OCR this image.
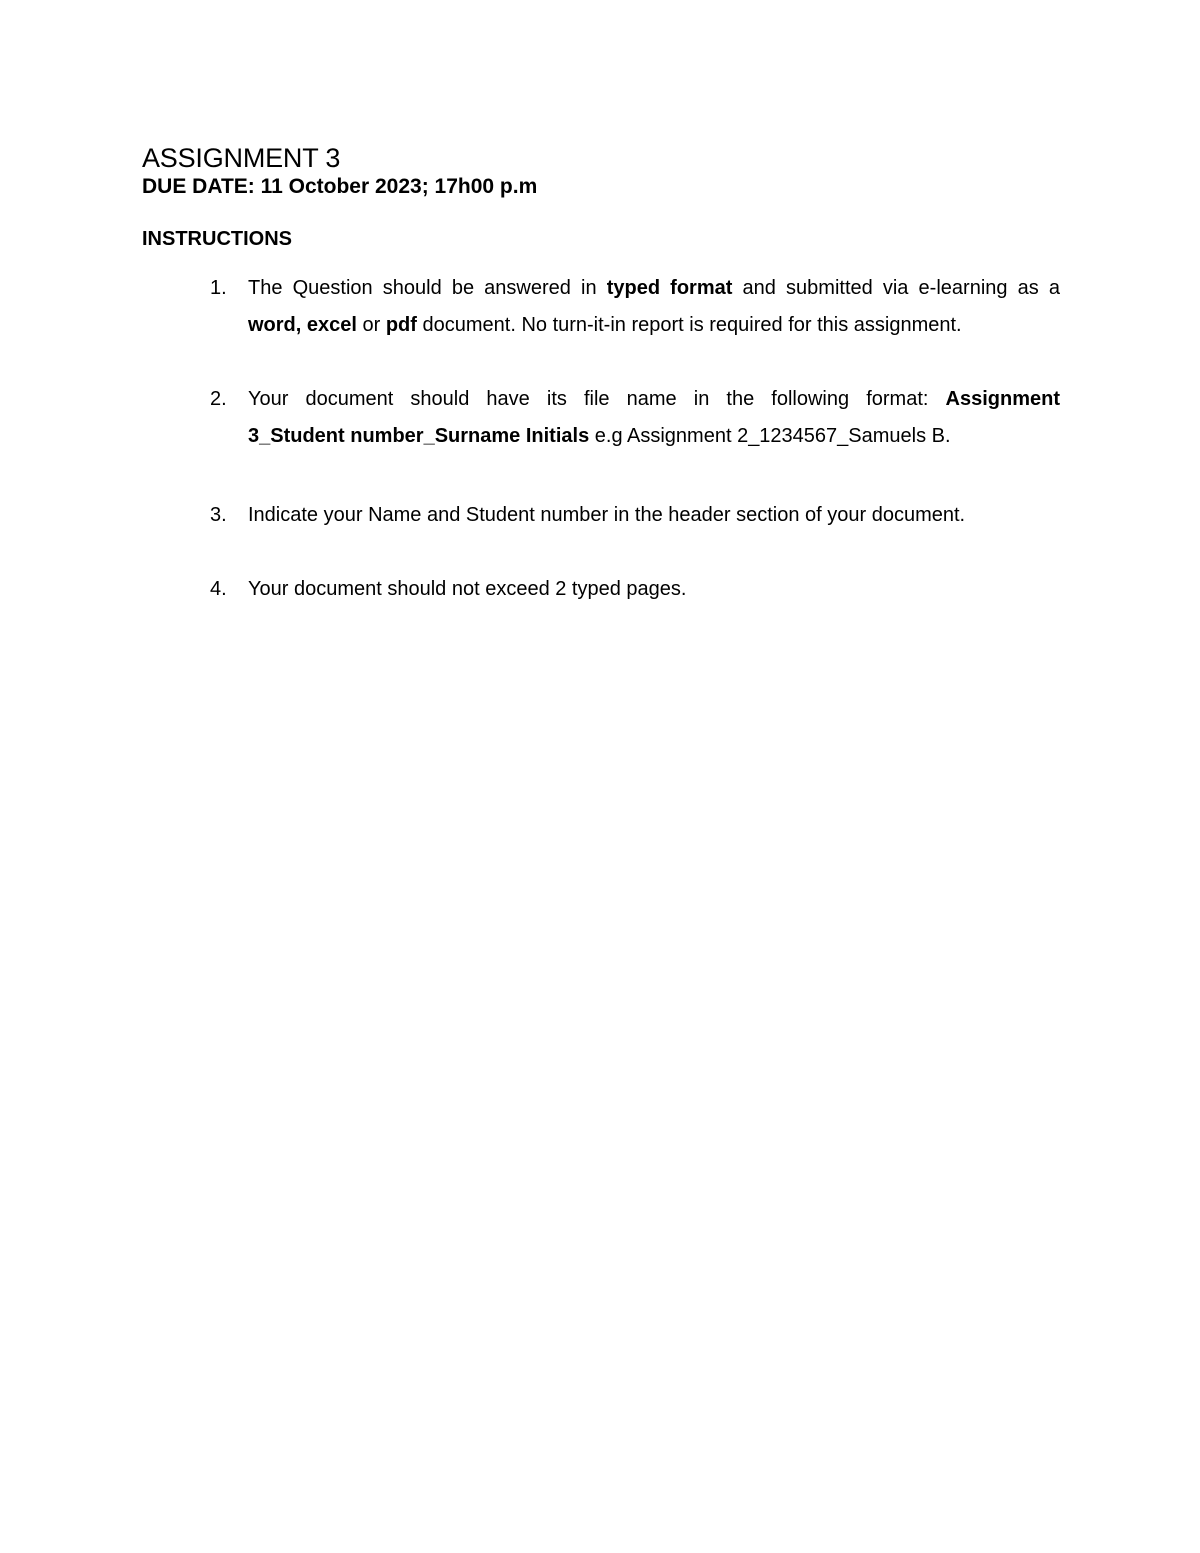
ASSIGNMENT 3

DUE DATE: 11 October 2023; 17h00 p.m

INSTRUCTIONS

1.	The Question should be answered in typed format and submitted via e-learning as a
word, excel or pdf document. No turn-it-in report is required for this assignment.
2.	Your document should have its file name in the following format: Assignment
3_Student number_Surname Initials e.g Assignment 2_1234567_Samuels B.
3.	Indicate your Name and Student number in the header section of your document.
4.	Your document should not exceed 2 typed pages.
